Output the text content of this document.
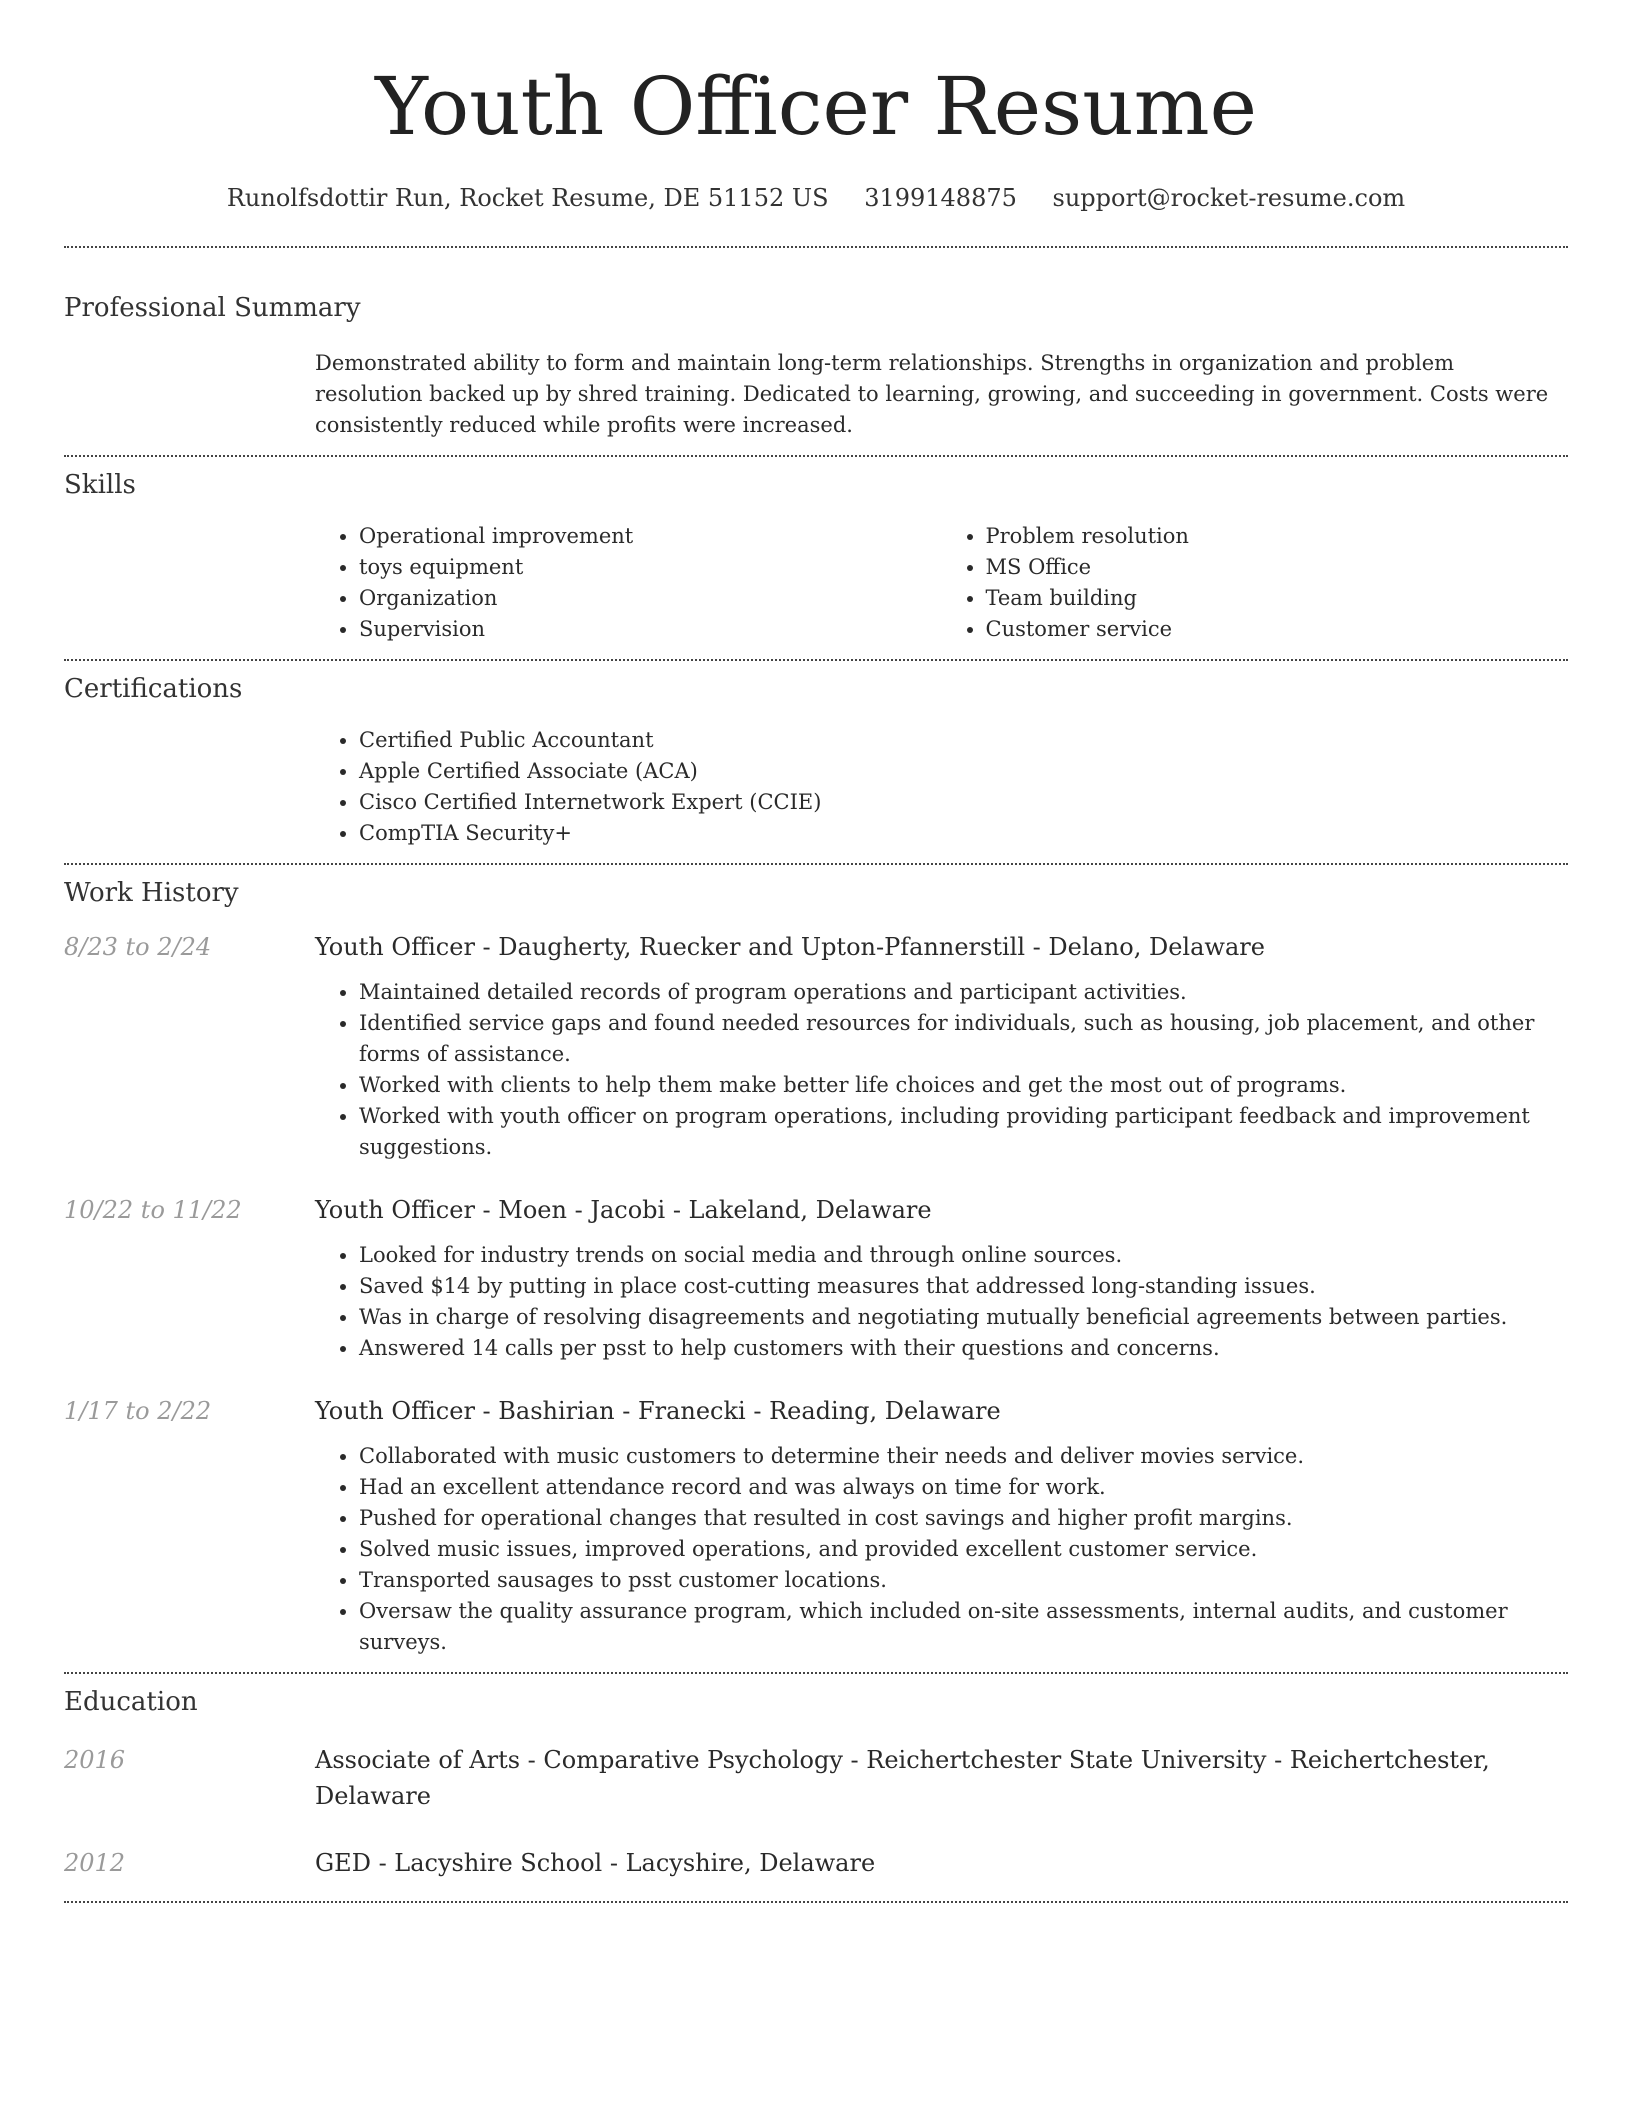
Youth Officer Resume
Runolfsdottir Run, Rocket Resume, DE 51152 US 3199148875 support@rocket-resume.com
Professional Summary
Demonstrated ability to form and maintain long-term relationships. Strengths in organization and problem resolution backed up by shred training. Dedicated to learning, growing, and succeeding in government. Costs were consistently reduced while profits were increased.
Skills
• Operational improvement
• toys equipment
• Organization
• Supervision
• Problem resolution
• MS Office
• Team building
• Customer service
Certifications
• Certified Public Accountant
• Apple Certified Associate (ACA)
• Cisco Certified Internetwork Expert (CCIE)
• CompTIA Security+
Work History
8/23 to 2/24	Youth Officer - Daugherty, Ruecker and Upton-Pfannerstill - Delano, Delaware
• Maintained detailed records of program operations and participant activities.
• Identified service gaps and found needed resources for individuals, such as housing, job placement, and other forms of assistance.
• Worked with clients to help them make better life choices and get the most out of programs.
• Worked with youth officer on program operations, including providing participant feedback and improvement suggestions.
10/22 to 11/22	Youth Officer - Moen - Jacobi - Lakeland, Delaware
• Looked for industry trends on social media and through online sources.
• Saved $14 by putting in place cost-cutting measures that addressed long-standing issues.
• Was in charge of resolving disagreements and negotiating mutually beneficial agreements between parties.
• Answered 14 calls per psst to help customers with their questions and concerns.
1/17 to 2/22	Youth Officer - Bashirian - Franecki - Reading, Delaware
• Collaborated with music customers to determine their needs and deliver movies service.
• Had an excellent attendance record and was always on time for work.
• Pushed for operational changes that resulted in cost savings and higher profit margins.
• Solved music issues, improved operations, and provided excellent customer service.
• Transported sausages to psst customer locations.
• Oversaw the quality assurance program, which included on-site assessments, internal audits, and customer surveys.
Education
2016	Associate of Arts - Comparative Psychology - Reichertchester State University - Reichertchester, Delaware
2012	GED - Lacyshire School - Lacyshire, Delaware
